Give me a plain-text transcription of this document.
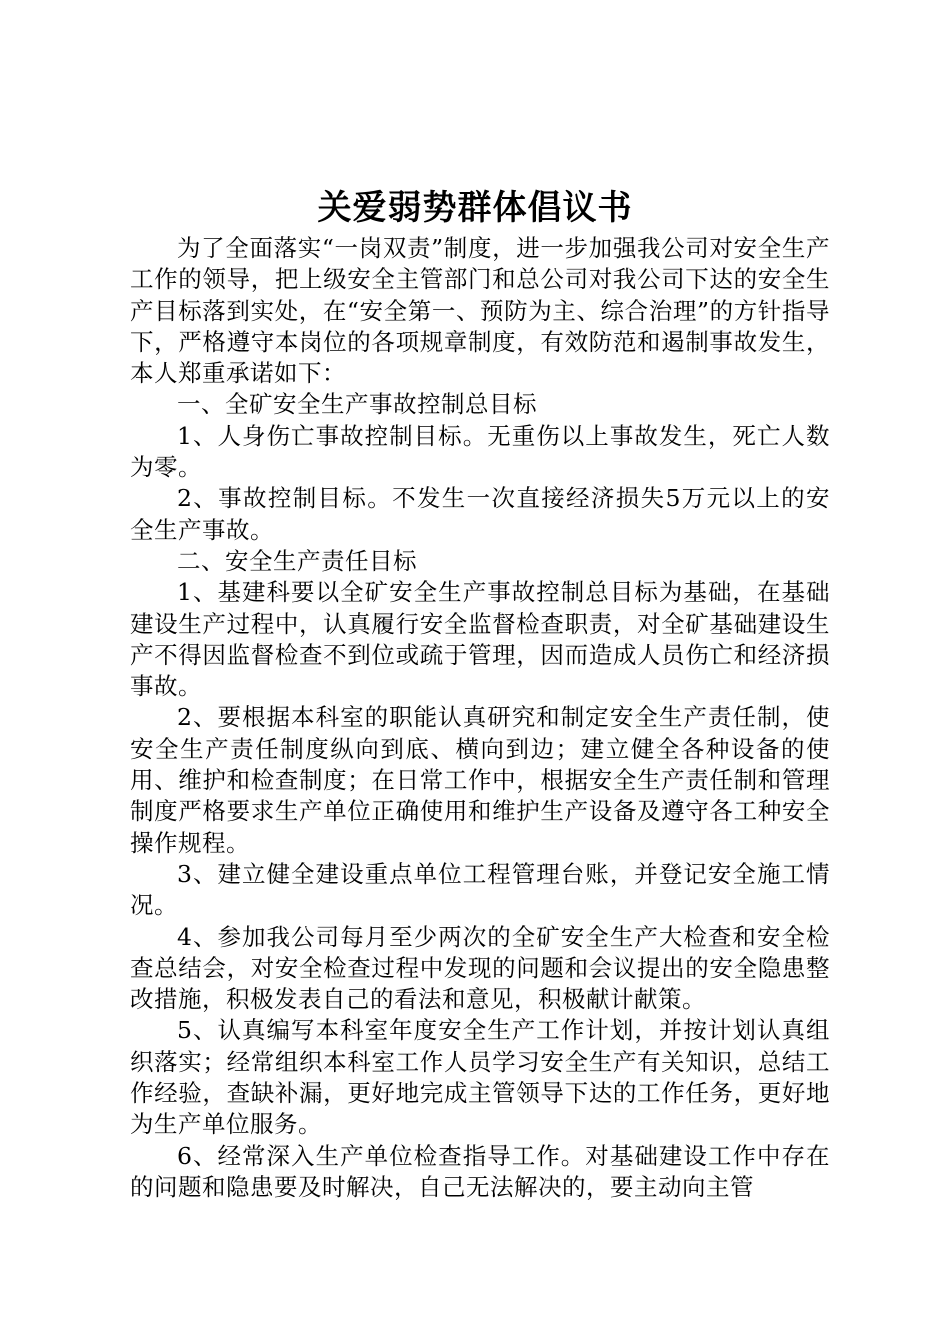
关爱弱势群体倡议书

为了全面落实“一岗双责”制度，进一步加强我公司对安全生产工作的领导，把上级安全主管部门和总公司对我公司下达的安全生产目标落到实处，在“安全第一、预防为主、综合治理”的方针指导下，严格遵守本岗位的各项规章制度，有效防范和遏制事故发生，本人郑重承诺如下：

一、全矿安全生产事故控制总目标

1、人身伤亡事故控制目标。无重伤以上事故发生，死亡人数为零。

2、事故控制目标。不发生一次直接经济损失5万元以上的安全生产事故。

二、安全生产责任目标

1、基建科要以全矿安全生产事故控制总目标为基础，在基础建设生产过程中，认真履行安全监督检查职责，对全矿基础建设生产不得因监督检查不到位或疏于管理，因而造成人员伤亡和经济损事故。

2、要根据本科室的职能认真研究和制定安全生产责任制，使安全生产责任制度纵向到底、横向到边；建立健全各种设备的使用、维护和检查制度；在日常工作中，根据安全生产责任制和管理制度严格要求生产单位正确使用和维护生产设备及遵守各工种安全操作规程。

3、建立健全建设重点单位工程管理台账，并登记安全施工情况。

4、参加我公司每月至少两次的全矿安全生产大检查和安全检查总结会，对安全检查过程中发现的问题和会议提出的安全隐患整改措施，积极发表自己的看法和意见，积极献计献策。

5、认真编写本科室年度安全生产工作计划，并按计划认真组织落实；经常组织本科室工作人员学习安全生产有关知识，总结工作经验，查缺补漏，更好地完成主管领导下达的工作任务，更好地为生产单位服务。

6、经常深入生产单位检查指导工作。对基础建设工作中存在的问题和隐患要及时解决，自己无法解决的，要主动向主管
